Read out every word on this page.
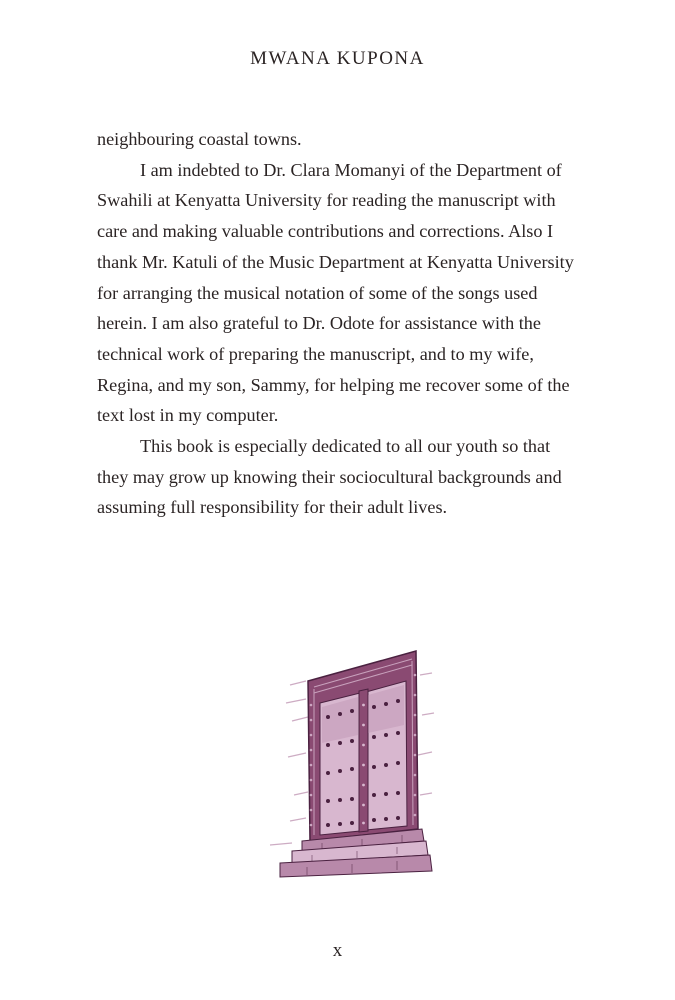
MWANA KUPONA

neighbouring coastal towns.

I am indebted to Dr. Clara Momanyi of the Department of Swahili at Kenyatta University for reading the manuscript with care and making valuable contributions and corrections. Also I thank Mr. Katuli of the Music Department at Kenyatta University for arranging the musical notation of some of the songs used herein. I am also grateful to Dr. Odote for assistance with the technical work of preparing the manuscript, and to my wife, Regina, and my son, Sammy, for helping me recover some of the text lost in my computer.

This book is especially dedicated to all our youth so that they may grow up knowing their sociocultural backgrounds and assuming full responsibility for their adult lives.

x
